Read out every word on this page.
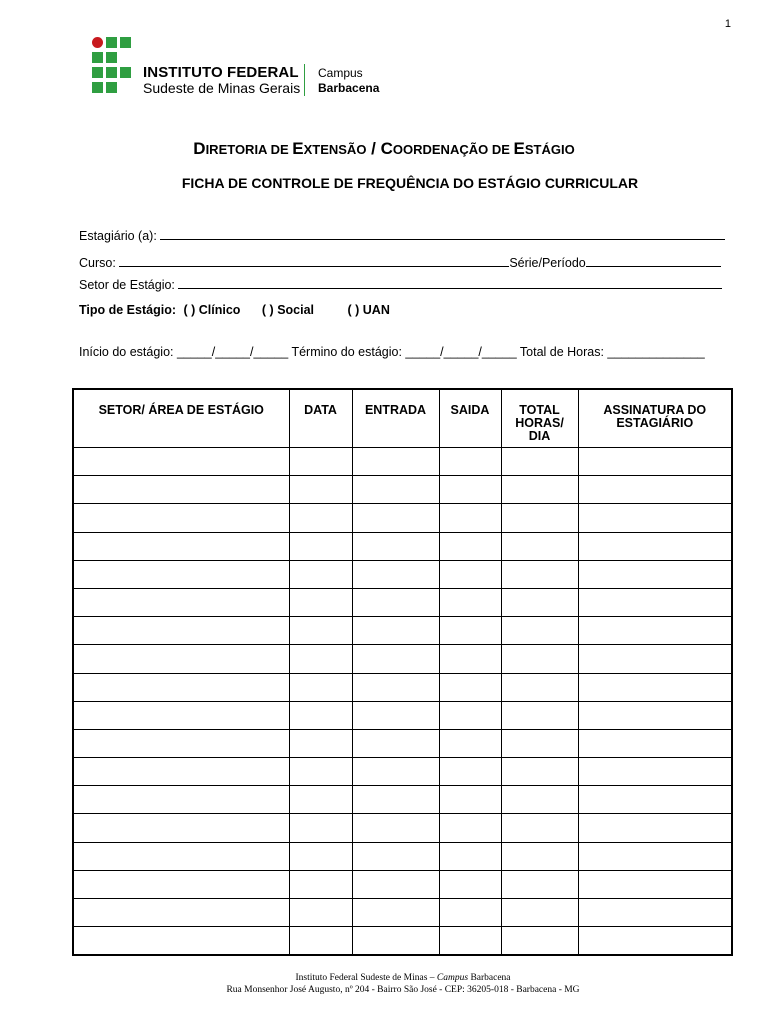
1
INSTITUTO FEDERAL
Sudeste de Minas Gerais
Campus
Barbacena
DIRETORIA DE EXTENSÃO / COORDENAÇÃO DE ESTÁGIO
FICHA DE CONTROLE DE FREQUÊNCIA DO ESTÁGIO CURRICULAR
Estagiário (a):
Curso:	Série/Período
Setor de Estágio:
Tipo de Estágio: ( ) Clínico ( ) Social	( ) UAN
Início do estágio: _____/_____/_____ Término do estágio: _____/_____/_____ Total de Horas: ______________
SETOR/ ÁREA DE ESTÁGIO	DATA	ENTRADA	SAIDA	TOTAL HORAS/ DIA	ASSINATURA DO ESTAGIÁRIO

Instituto Federal Sudeste de Minas – Campus Barbacena
Rua Monsenhor José Augusto, nº 204 - Bairro São José - CEP: 36205-018 - Barbacena - MG
